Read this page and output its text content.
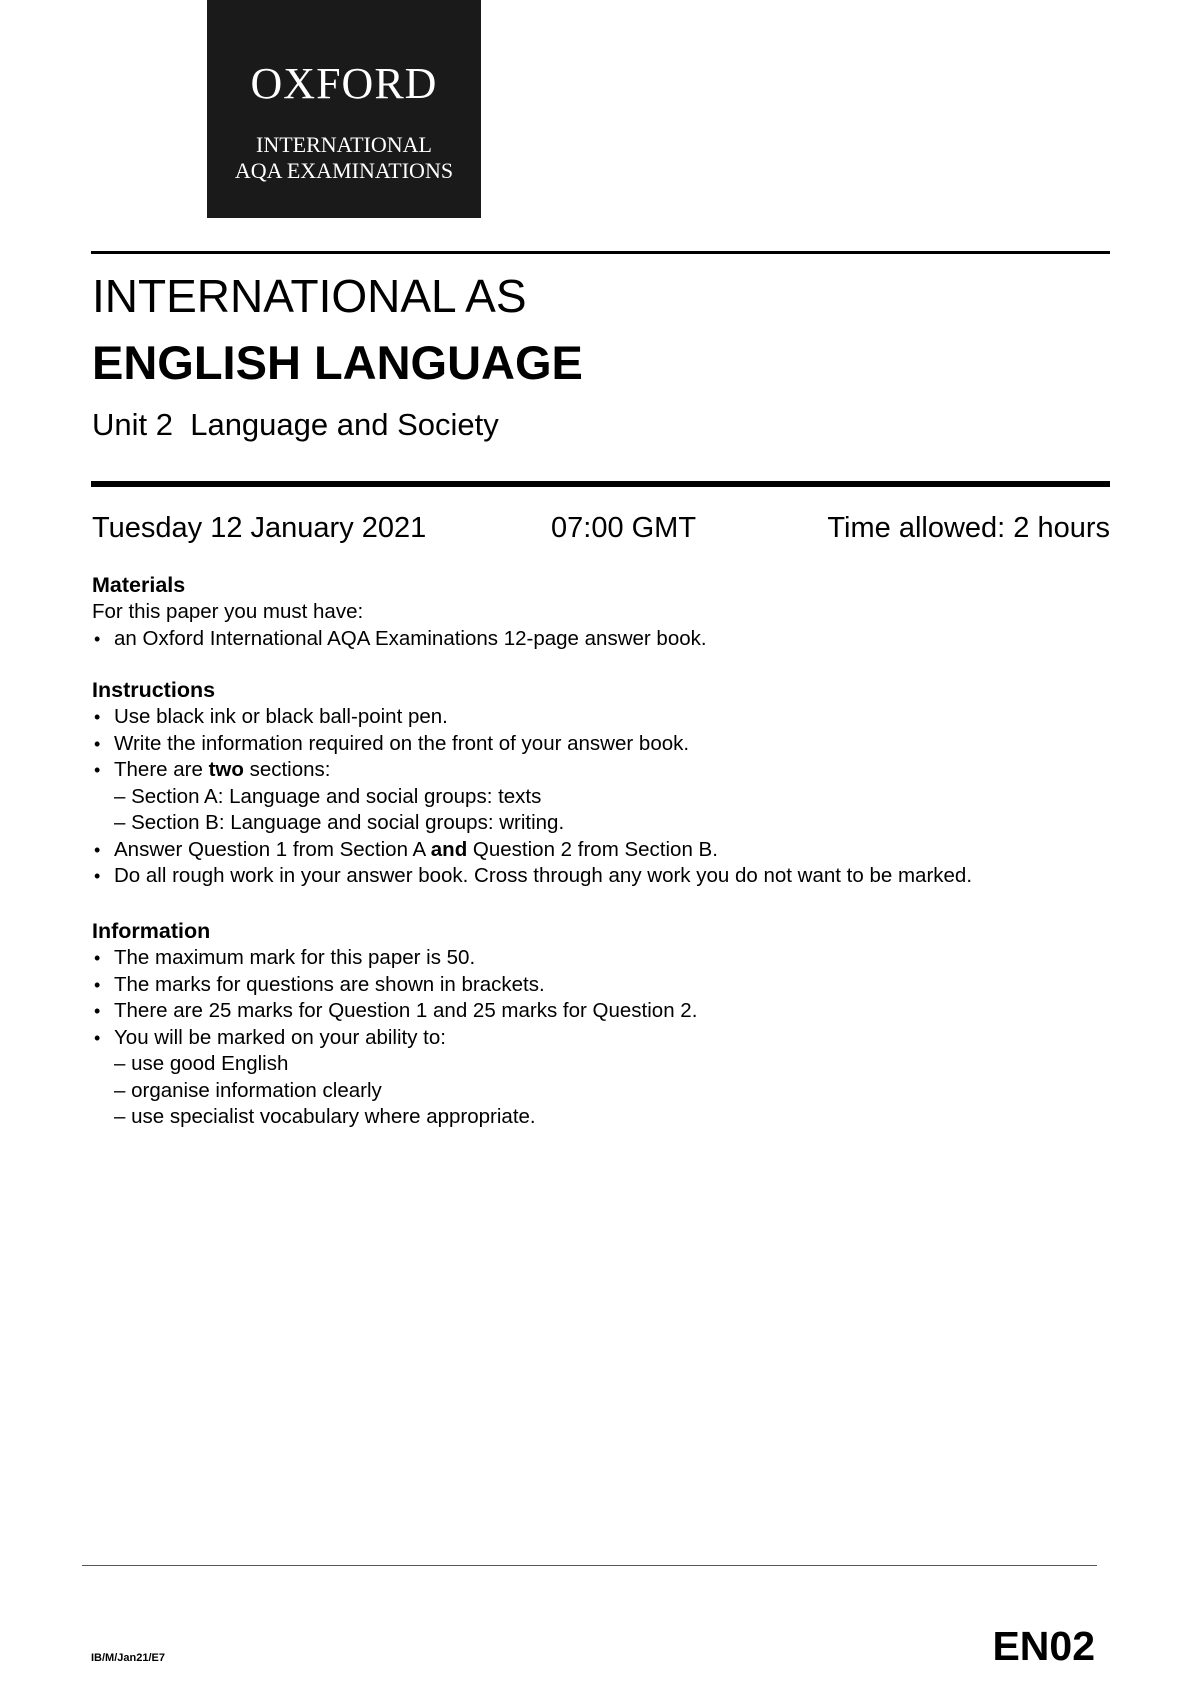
OXFORD
INTERNATIONAL
AQA EXAMINATIONS
INTERNATIONAL AS
ENGLISH LANGUAGE
Unit 2  Language and Society
Tuesday 12 January 2021	07:00 GMT	Time allowed: 2 hours
Materials

For this paper you must have:

• an Oxford International AQA Examinations 12-page answer book.
Instructions
• Use black ink or black ball-point pen.
• Write the information required on the front of your answer book.
• There are two sections:
– Section A: Language and social groups: texts
– Section B: Language and social groups: writing.
• Answer Question 1 from Section A and Question 2 from Section B.
• Do all rough work in your answer book. Cross through any work you do not want to be marked.
Information
• The maximum mark for this paper is 50.
• The marks for questions are shown in brackets.
• There are 25 marks for Question 1 and 25 marks for Question 2.
• You will be marked on your ability to:
– use good English
– organise information clearly
– use specialist vocabulary where appropriate.
IB/M/Jan21/E7	EN02
